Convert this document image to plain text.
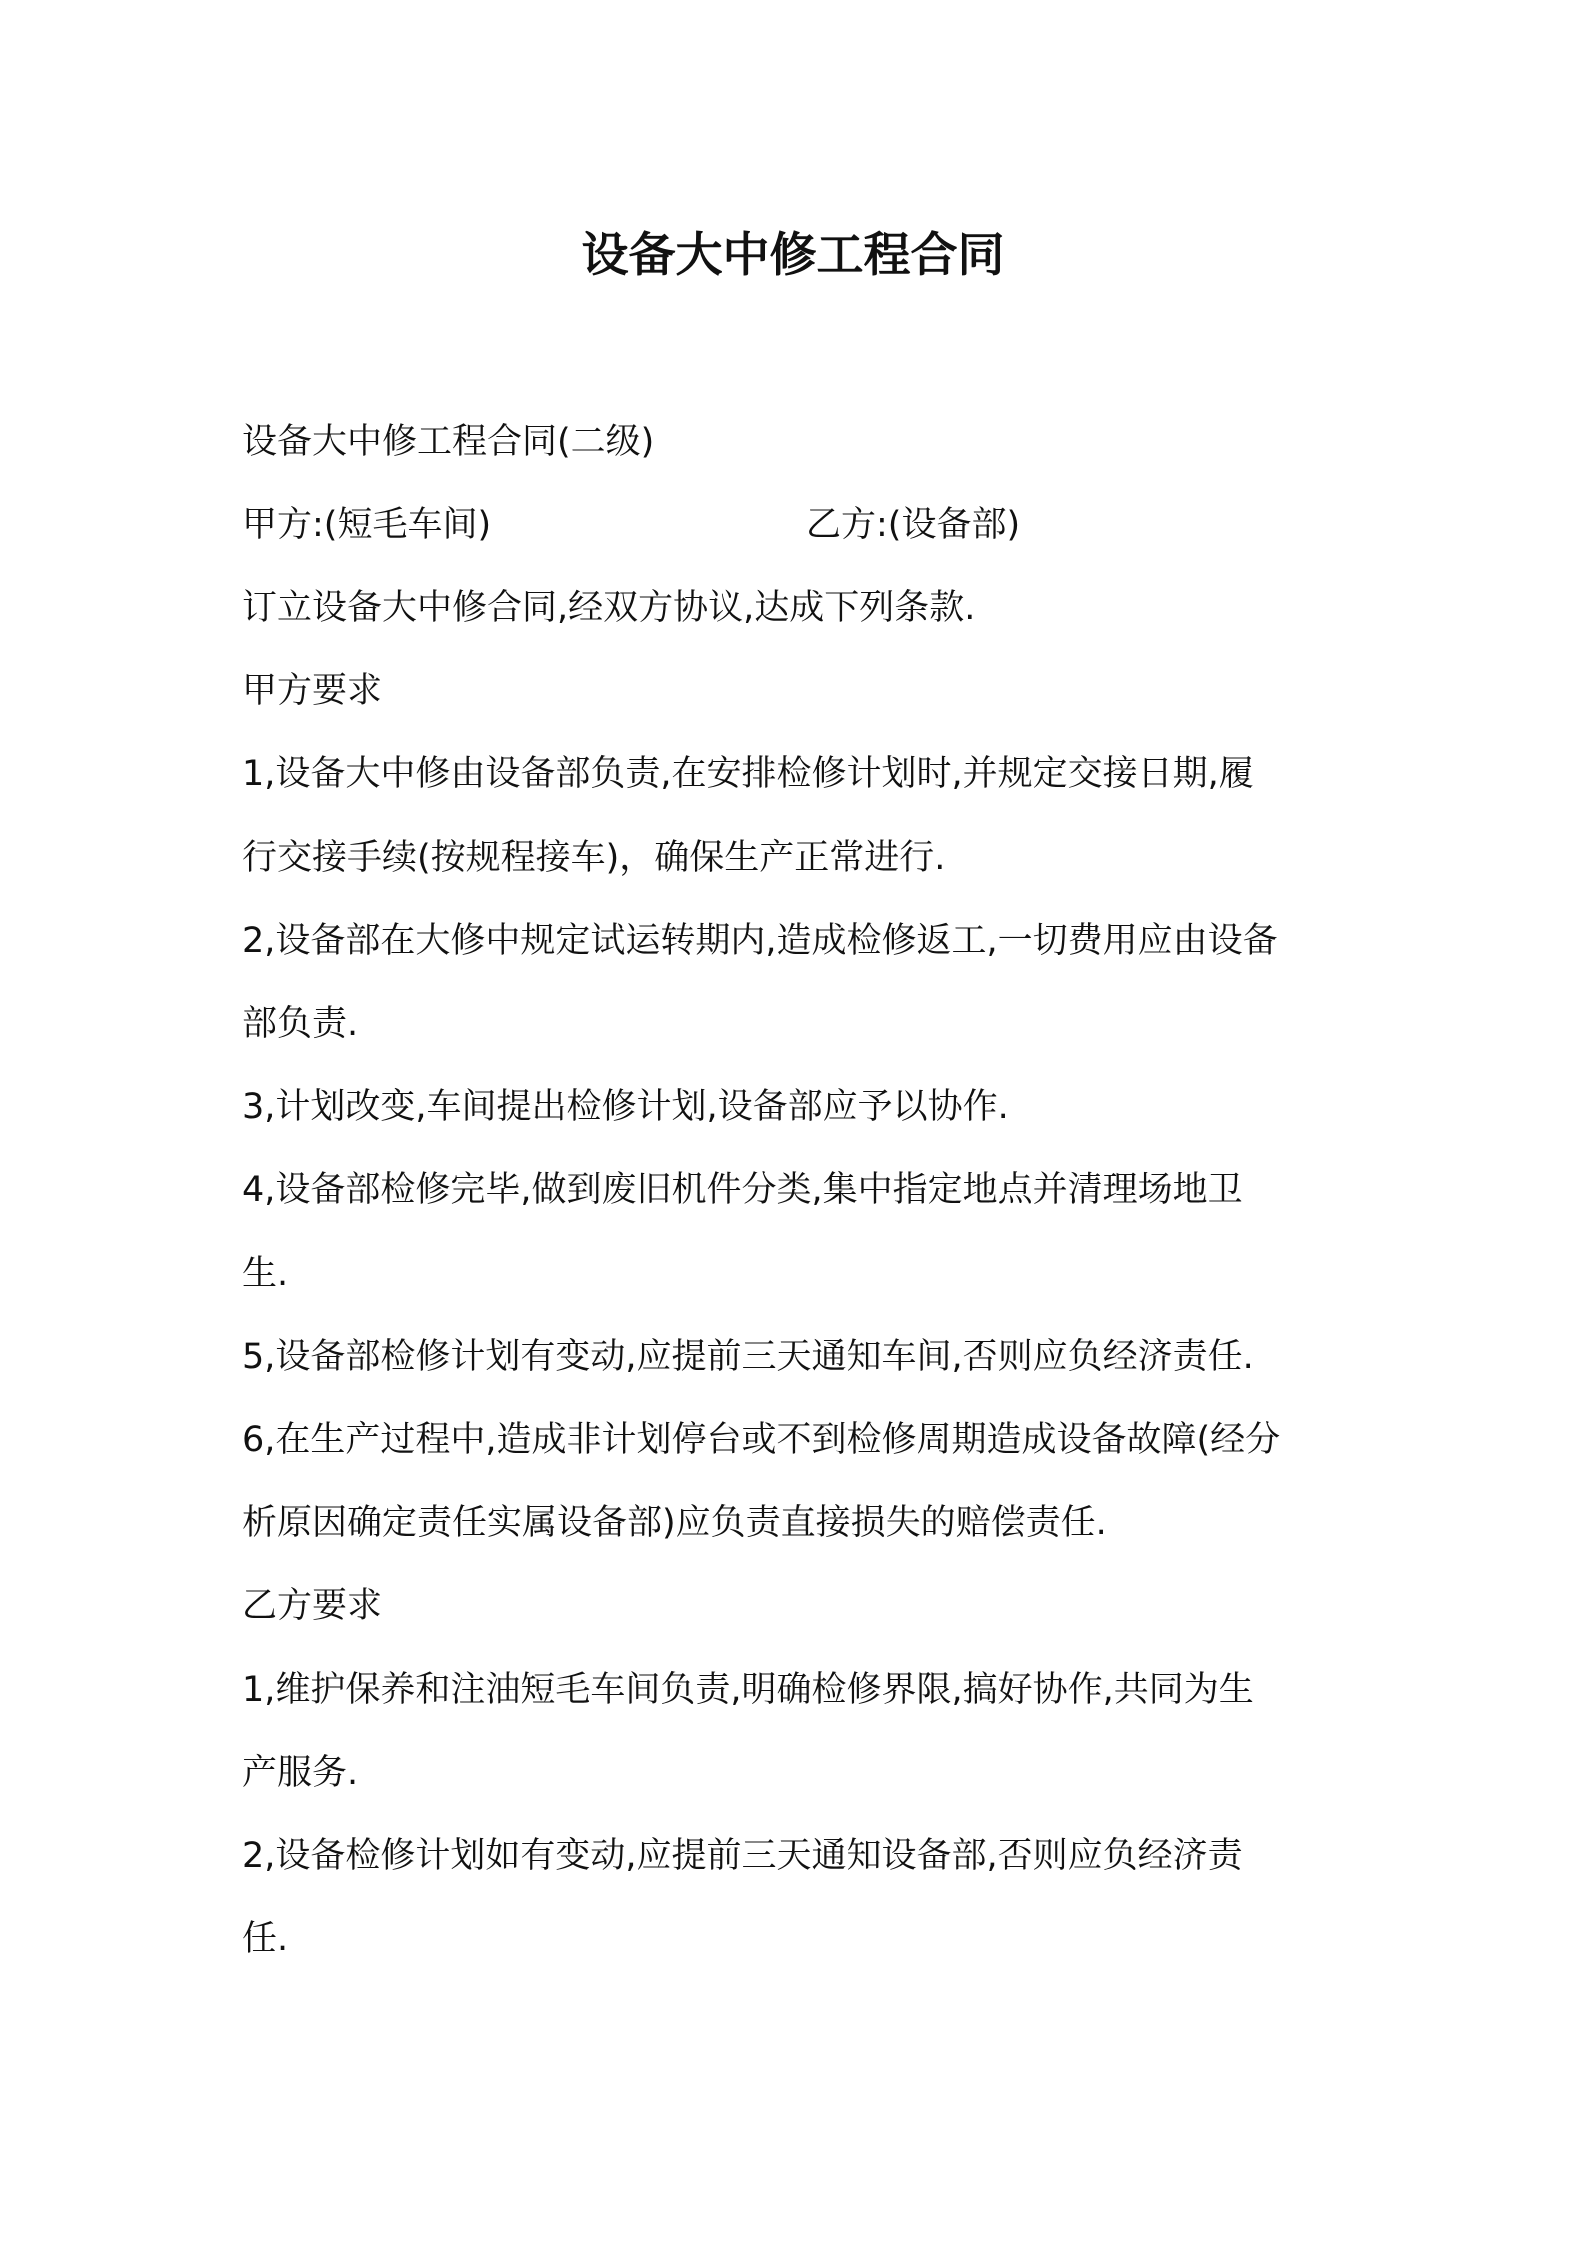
设备大中修工程合同
设备大中修工程合同(二级)
甲方:(短毛车间)	乙方:(设备部)
订立设备大中修合同,经双方协议,达成下列条款.
甲方要求
1,设备大中修由设备部负责,在安排检修计划时,并规定交接日期,履
行交接手续(按规程接车)，确保生产正常进行.
2,设备部在大修中规定试运转期内,造成检修返工,一切费用应由设备
部负责.
3,计划改变,车间提出检修计划,设备部应予以协作.
4,设备部检修完毕,做到废旧机件分类,集中指定地点并清理场地卫
生.
5,设备部检修计划有变动,应提前三天通知车间,否则应负经济责任.
6,在生产过程中,造成非计划停台或不到检修周期造成设备故障(经分
析原因确定责任实属设备部)应负责直接损失的赔偿责任.
乙方要求
1,维护保养和注油短毛车间负责,明确检修界限,搞好协作,共同为生
产服务.
2,设备检修计划如有变动,应提前三天通知设备部,否则应负经济责
任.
